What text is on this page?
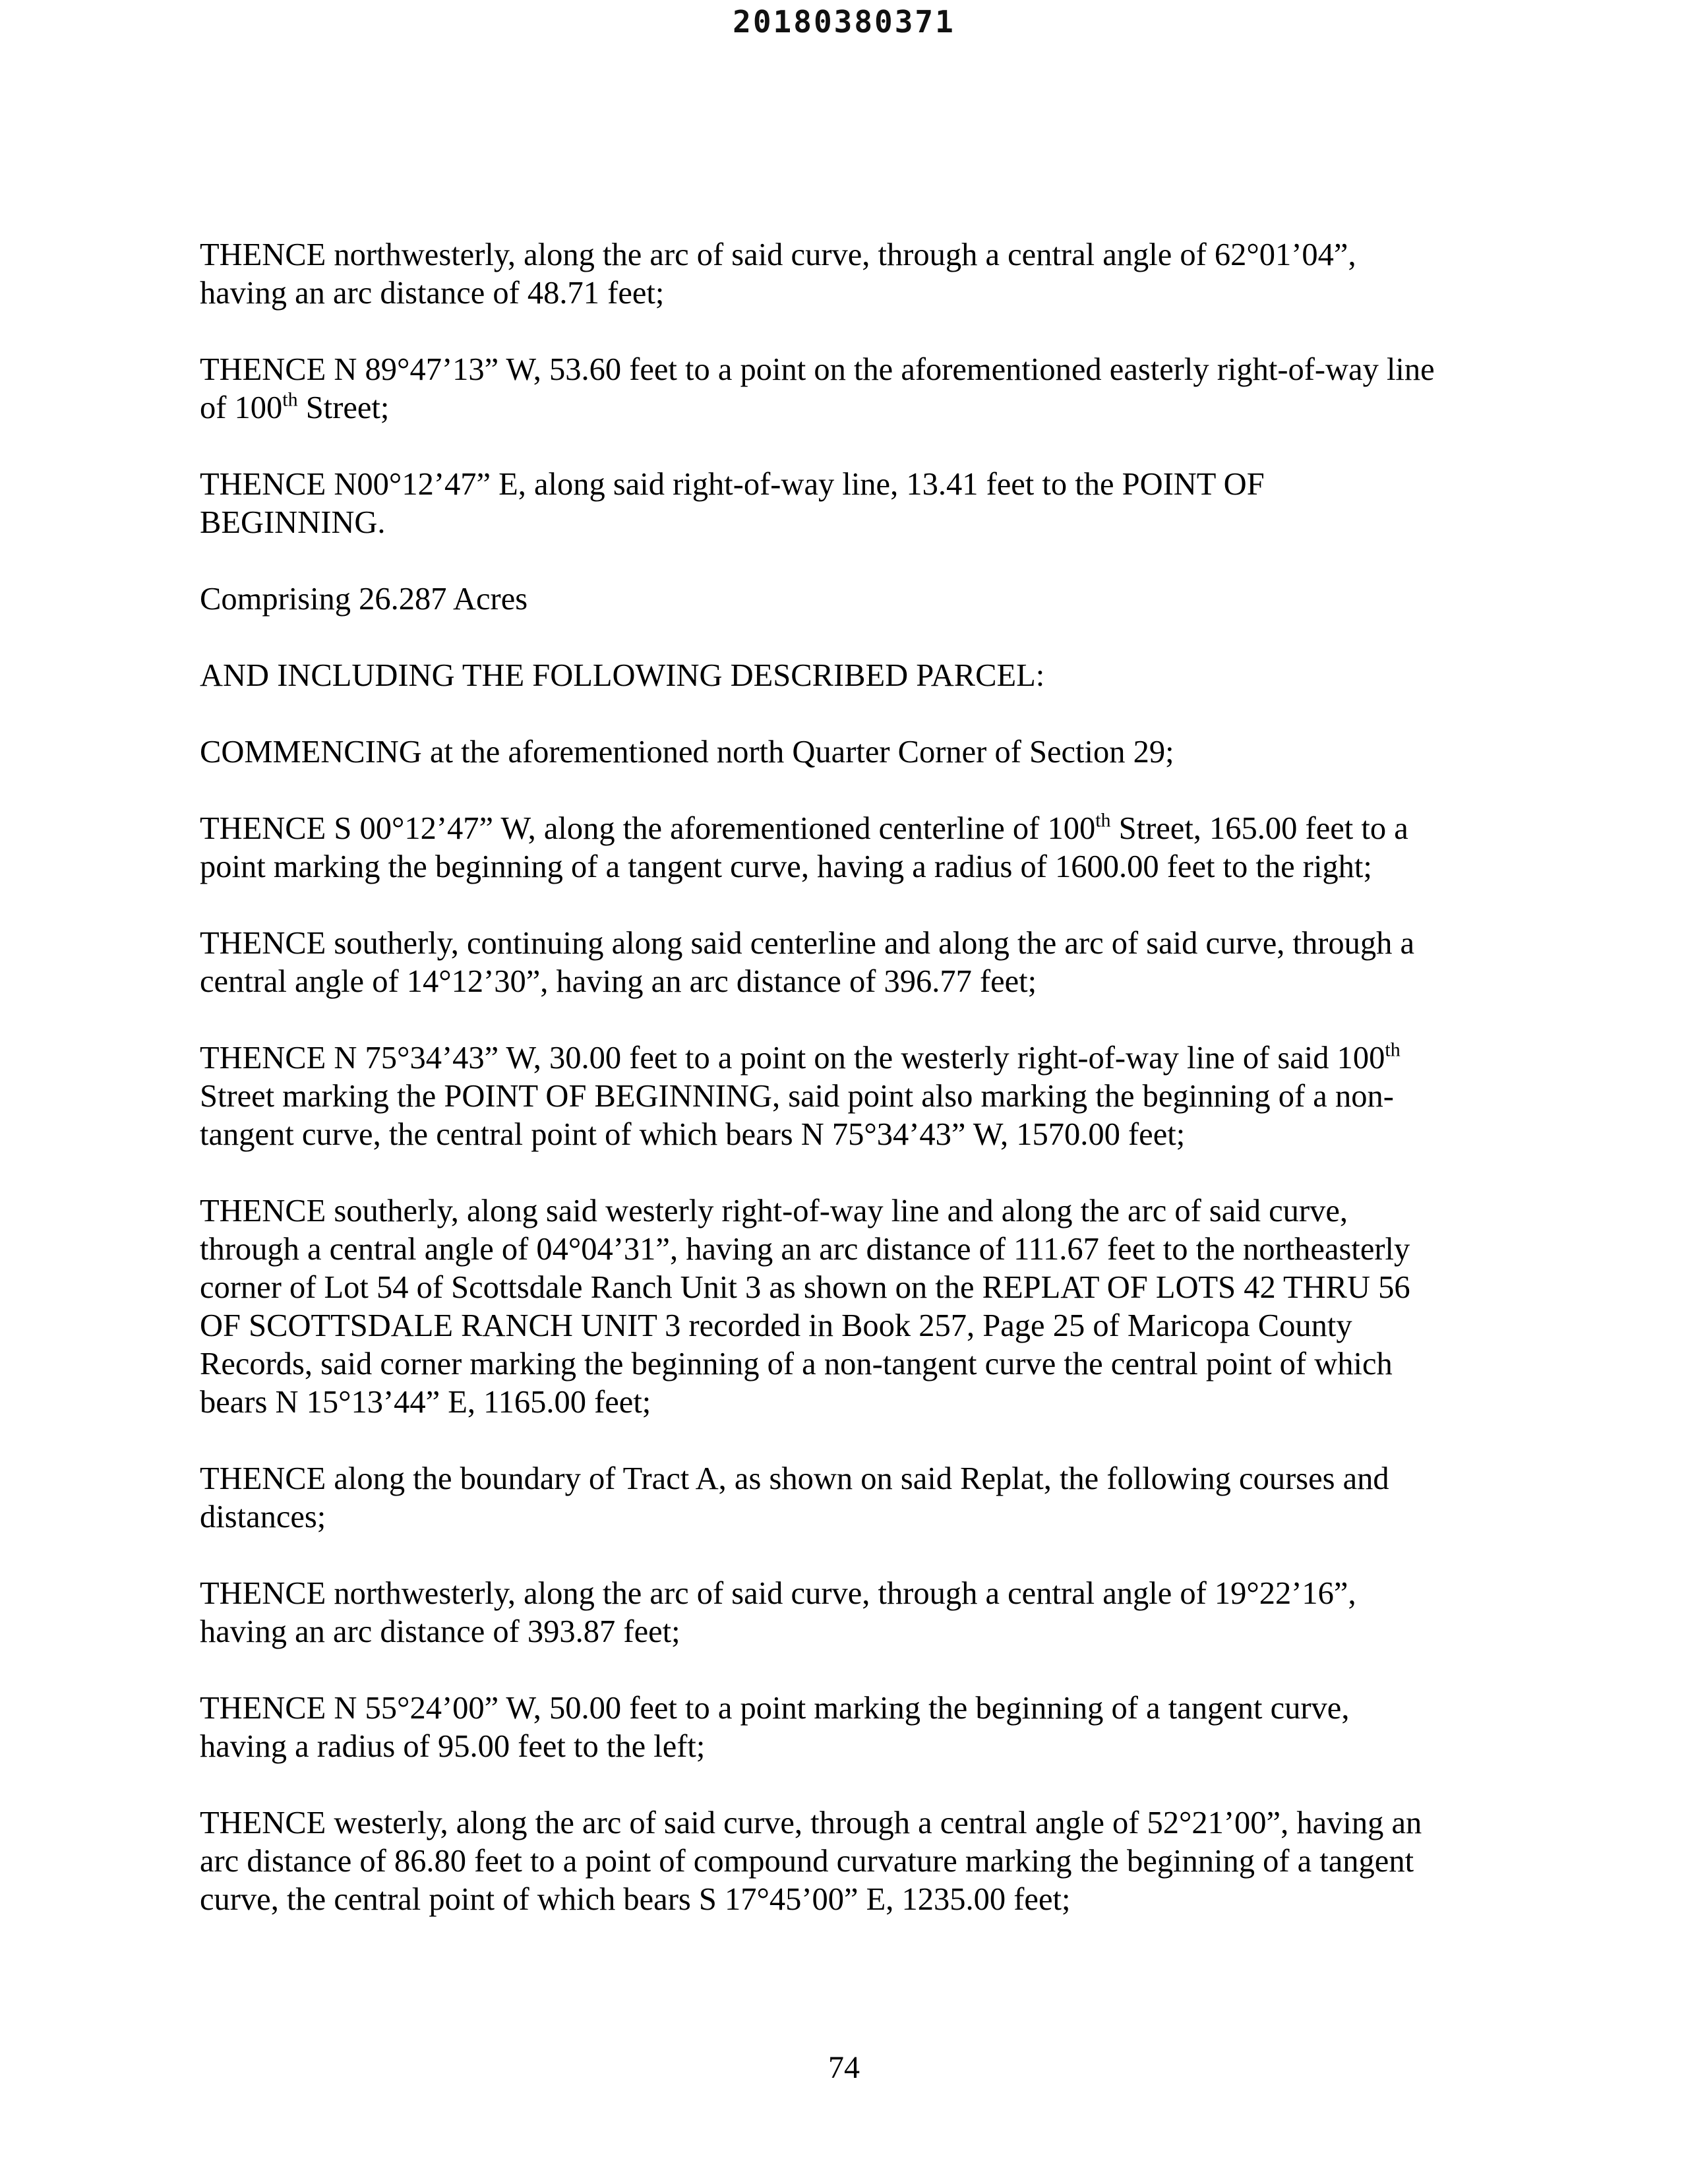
20180380371
THENCE northwesterly, along the arc of said curve, through a central angle of 62°01’04”,
having an arc distance of 48.71 feet;
THENCE N 89°47’13” W, 53.60 feet to a point on the aforementioned easterly right-of-way line
of 100th Street;
THENCE N00°12’47” E, along said right-of-way line, 13.41 feet to the POINT OF
BEGINNING.
Comprising 26.287 Acres
AND INCLUDING THE FOLLOWING DESCRIBED PARCEL:
COMMENCING at the aforementioned north Quarter Corner of Section 29;
THENCE S 00°12’47” W, along the aforementioned centerline of 100th Street, 165.00 feet to a
point marking the beginning of a tangent curve, having a radius of 1600.00 feet to the right;
THENCE southerly, continuing along said centerline and along the arc of said curve, through a
central angle of 14°12’30”, having an arc distance of 396.77 feet;
THENCE N 75°34’43” W, 30.00 feet to a point on the westerly right-of-way line of said 100th
Street marking the POINT OF BEGINNING, said point also marking the beginning of a non-
tangent curve, the central point of which bears N 75°34’43” W, 1570.00 feet;
THENCE southerly, along said westerly right-of-way line and along the arc of said curve,
through a central angle of 04°04’31”, having an arc distance of 111.67 feet to the northeasterly
corner of Lot 54 of Scottsdale Ranch Unit 3 as shown on the REPLAT OF LOTS 42 THRU 56
OF SCOTTSDALE RANCH UNIT 3 recorded in Book 257, Page 25 of Maricopa County
Records, said corner marking the beginning of a non-tangent curve the central point of which
bears N 15°13’44” E, 1165.00 feet;
THENCE along the boundary of Tract A, as shown on said Replat, the following courses and
distances;
THENCE northwesterly, along the arc of said curve, through a central angle of 19°22’16”,
having an arc distance of 393.87 feet;
THENCE N 55°24’00” W, 50.00 feet to a point marking the beginning of a tangent curve,
having a radius of 95.00 feet to the left;
THENCE westerly, along the arc of said curve, through a central angle of 52°21’00”, having an
arc distance of 86.80 feet to a point of compound curvature marking the beginning of a tangent
curve, the central point of which bears S 17°45’00” E, 1235.00 feet;
74
